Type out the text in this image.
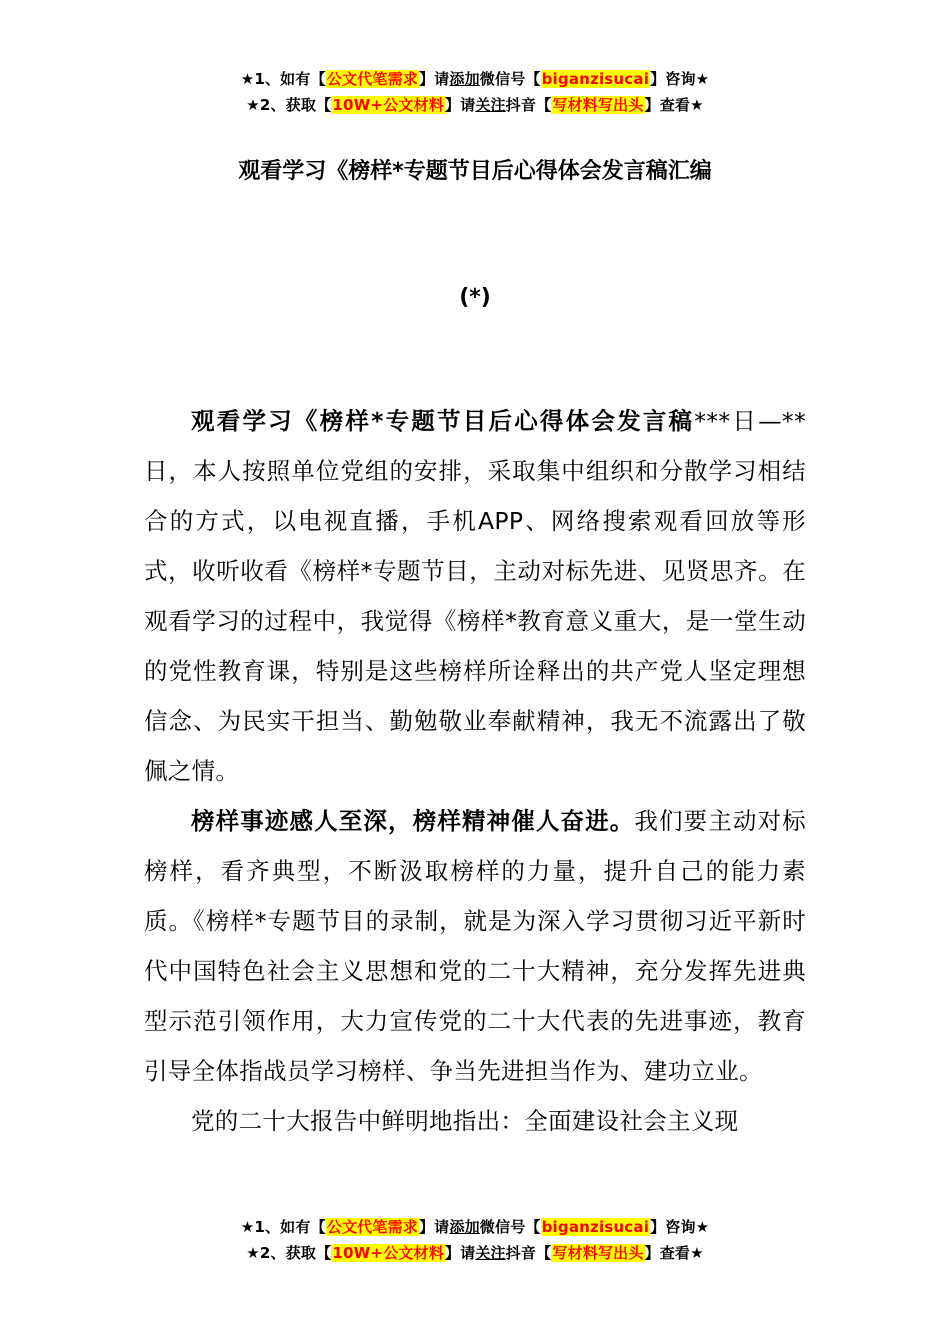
★1、如有【公文代笔需求】请添加微信号【biganzisucai】咨询★
★2、获取【10W+公文材料】请关注抖音【写材料写出头】查看★
观看学习《榜样*专题节目后心得体会发言稿汇编
(*)

观看学习《榜样*专题节目后心得体会发言稿***日—**日，本人按照单位党组的安排，采取集中组织和分散学习相结合的方式，以电视直播，手机APP、网络搜索观看回放等形式，收听收看《榜样*专题节目，主动对标先进、见贤思齐。在观看学习的过程中，我觉得《榜样*教育意义重大，是一堂生动的党性教育课，特别是这些榜样所诠释出的共产党人坚定理想信念、为民实干担当、勤勉敬业奉献精神，我无不流露出了敬佩之情。

榜样事迹感人至深，榜样精神催人奋进。我们要主动对标榜样，看齐典型，不断汲取榜样的力量，提升自己的能力素质。《榜样*专题节目的录制，就是为深入学习贯彻习近平新时代中国特色社会主义思想和党的二十大精神，充分发挥先进典型示范引领作用，大力宣传党的二十大代表的先进事迹，教育引导全体指战员学习榜样、争当先进担当作为、建功立业。

党的二十大报告中鲜明地指出：全面建设社会主义现

★1、如有【公文代笔需求】请添加微信号【biganzisucai】咨询★
★2、获取【10W+公文材料】请关注抖音【写材料写出头】查看★
